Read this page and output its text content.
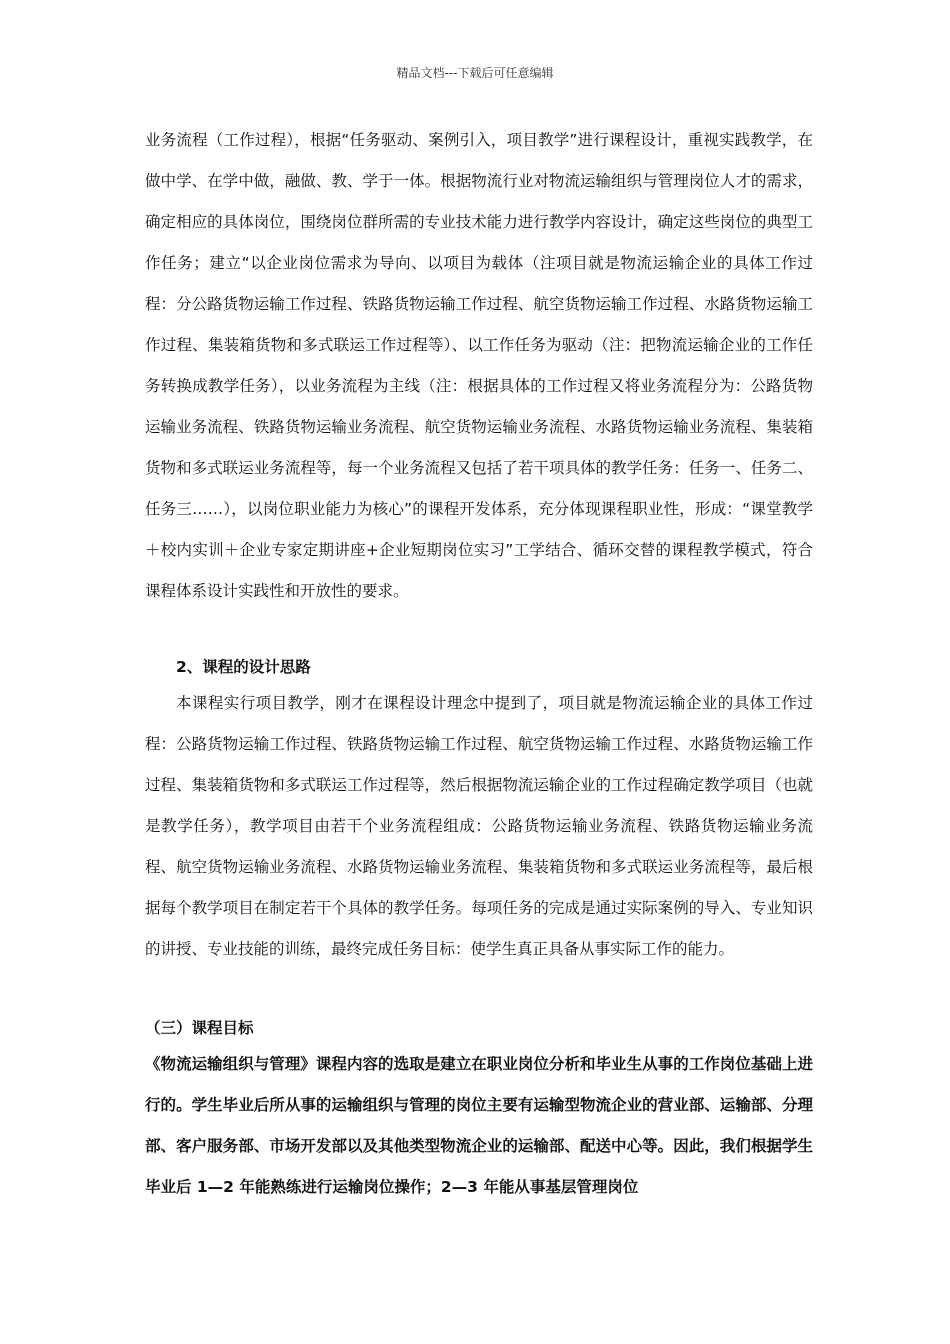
精品文档---下载后可任意编辑

业务流程（工作过程），根据“任务驱动、案例引入，项目教学”进行课程设计，重视实践教学，在做中学、在学中做，融做、教、学于一体。根据物流行业对物流运输组织与管理岗位人才的需求，确定相应的具体岗位，围绕岗位群所需的专业技术能力进行教学内容设计，确定这些岗位的典型工作任务；建立“以企业岗位需求为导向、以项目为载体（注项目就是物流运输企业的具体工作过程：分公路货物运输工作过程、铁路货物运输工作过程、航空货物运输工作过程、水路货物运输工作过程、集装箱货物和多式联运工作过程等）、以工作任务为驱动（注：把物流运输企业的工作任务转换成教学任务），以业务流程为主线（注：根据具体的工作过程又将业务流程分为：公路货物运输业务流程、铁路货物运输业务流程、航空货物运输业务流程、水路货物运输业务流程、集装箱货物和多式联运业务流程等，每一个业务流程又包括了若干项具体的教学任务：任务一、任务二、任务三……），以岗位职业能力为核心”的课程开发体系，充分体现课程职业性，形成：“课堂教学＋校内实训＋企业专家定期讲座+企业短期岗位实习”工学结合、循环交替的课程教学模式，符合课程体系设计实践性和开放性的要求。

2、课程的设计思路

本课程实行项目教学，刚才在课程设计理念中提到了，项目就是物流运输企业的具体工作过程：公路货物运输工作过程、铁路货物运输工作过程、航空货物运输工作过程、水路货物运输工作过程、集装箱货物和多式联运工作过程等，然后根据物流运输企业的工作过程确定教学项目（也就是教学任务），教学项目由若干个业务流程组成：公路货物运输业务流程、铁路货物运输业务流程、航空货物运输业务流程、水路货物运输业务流程、集装箱货物和多式联运业务流程等，最后根据每个教学项目在制定若干个具体的教学任务。每项任务的完成是通过实际案例的导入、专业知识的讲授、专业技能的训练，最终完成任务目标：使学生真正具备从事实际工作的能力。

（三）课程目标

《物流运输组织与管理》课程内容的选取是建立在职业岗位分析和毕业生从事的工作岗位基础上进行的。学生毕业后所从事的运输组织与管理的岗位主要有运输型物流企业的营业部、运输部、分理部、客户服务部、市场开发部以及其他类型物流企业的运输部、配送中心等。因此，我们根据学生毕业后 1—2 年能熟练进行运输岗位操作；2—3 年能从事基层管理岗位
